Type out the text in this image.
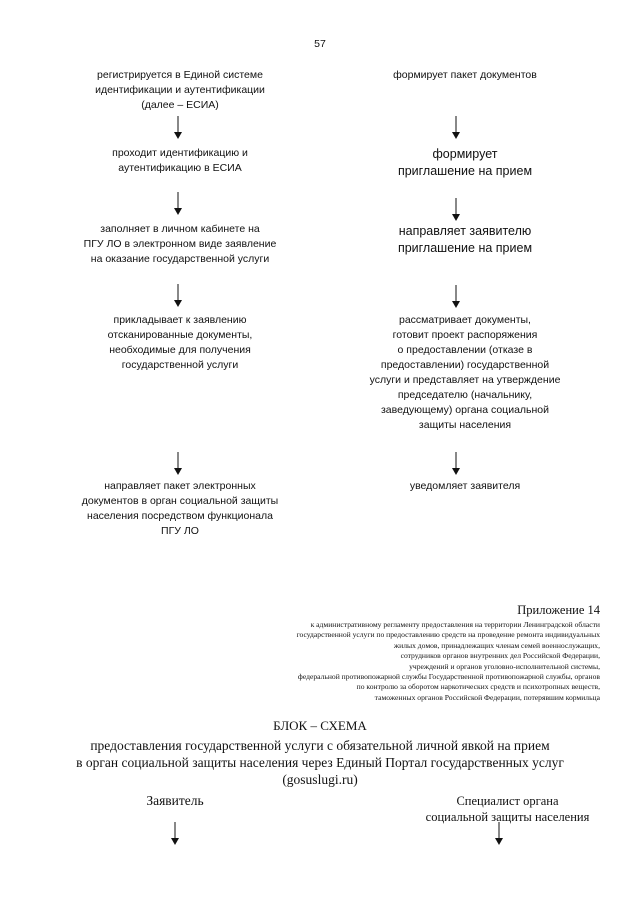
57
регистрируется в Единой системе
идентификации и аутентификации
(далее – ЕСИА)
проходит идентификацию и
аутентификацию в ЕСИА
заполняет в личном кабинете на
ПГУ ЛО в электронном виде заявление
на оказание государственной услуги
прикладывает к заявлению
отсканированные документы,
необходимые для получения
государственной услуги
направляет пакет электронных
документов в орган социальной защиты
населения посредством функционала
ПГУ ЛО
формирует пакет документов
формирует
приглашение на прием
направляет заявителю
приглашение на прием
рассматривает документы,
готовит проект распоряжения
о предоставлении (отказе в
предоставлении) государственной
услуги и представляет на утверждение
председателю (начальнику,
заведующему) органа социальной
защиты населения
уведомляет заявителя
Приложение 14
к административному регламенту предоставления на территории Ленинградской области
государственной услуги по предоставлению средств на проведение ремонта индивидуальных
жилых домов, принадлежащих членам семей военнослужащих,
сотрудников органов внутренних дел Российской Федерации,
учреждений и органов уголовно-исполнительной системы,
федеральной противопожарной службы Государственной противопожарной службы, органов
по контролю за оборотом наркотических средств и психотропных веществ,
таможенных органов Российской Федерации, потерявшим кормильца
БЛОК – СХЕМА
предоставления государственной услуги с обязательной личной явкой на прием
в орган социальной защиты населения через Единый Портал государственных услуг
(gosuslugi.ru)
Заявитель	Специалист органа
социальной защиты населения
